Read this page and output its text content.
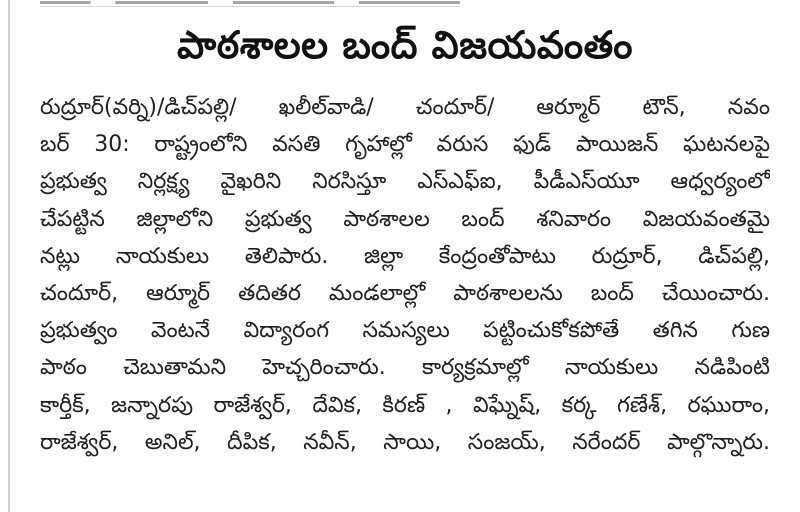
పాఠశాలల బంద్ విజయవంతం
రుద్రూర్(వర్ని)/డిచ్‌పల్లి/ ఖలీల్‌వాడి/ చందూర్/ ఆర్మూర్ టౌన్, నవం
బర్ 30: రాష్ట్రంలోని వసతి గృహాల్లో వరుస ఫుడ్ పాయిజన్ ఘటనలపై
ప్రభుత్వ నిర్లక్ష్య వైఖరిని నిరసిస్తూ ఎస్ఎఫ్ఐ, పీడీఎస్‌యూ ఆధ్వర్యంలో
చేపట్టిన జిల్లాలోని ప్రభుత్వ పాఠశాలల బంద్ శనివారం విజయవంతమై
నట్లు నాయకులు తెలిపారు. జిల్లా కేంద్రంతోపాటు రుద్రూర్, డిచ్‌పల్లి,
చందూర్, ఆర్మూర్ తదితర మండలాల్లో పాఠశాలలను బంద్ చేయించారు.
ప్రభుత్వం వెంటనే విద్యారంగ సమస్యలు పట్టించుకోకపోతే తగిన గుణ
పాఠం చెబుతామని హెచ్చరించారు. కార్యక్రమాల్లో నాయకులు నడిపింటి
కార్తీక్, జన్నారపు రాజేశ్వర్, దేవిక, కిరణ్ , విఘ్నేష్, కర్క గణేశ్, రఘురాం,
రాజేశ్వర్, అనిల్, దీపిక, నవీన్, సాయి, సంజయ్, నరేందర్ పాల్గొన్నారు.
